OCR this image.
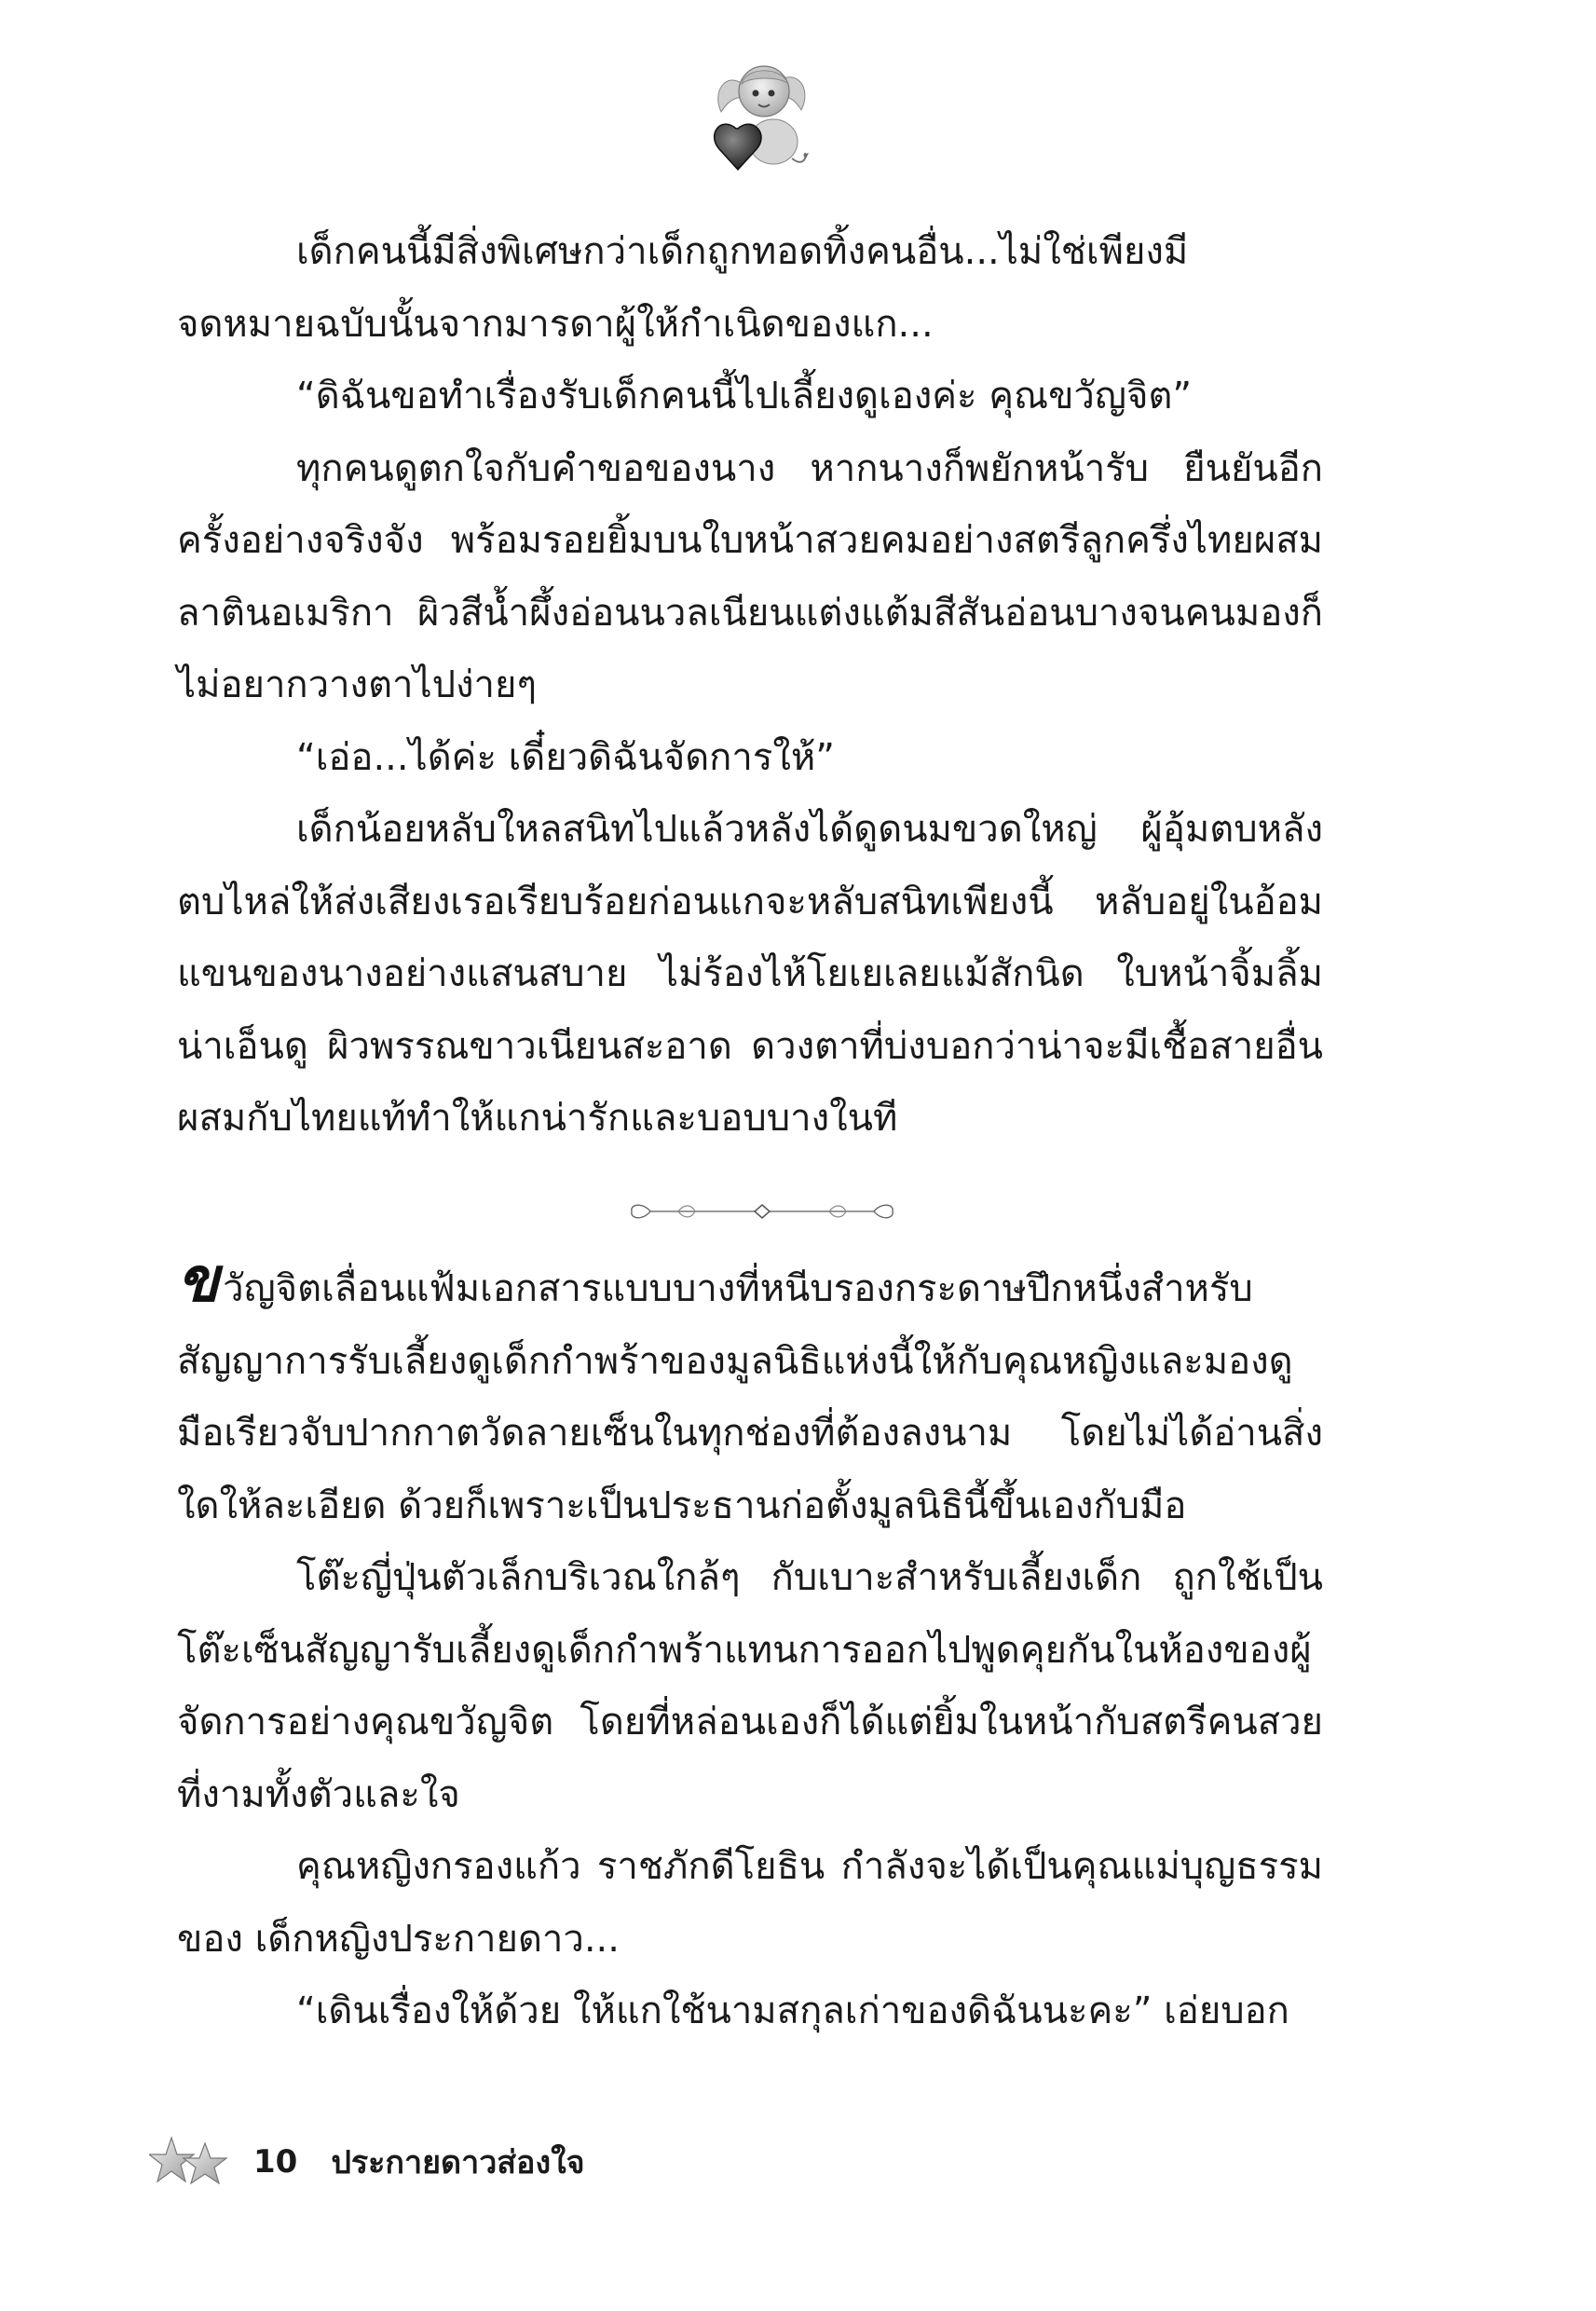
เด็กคนนี้มีสิ่งพิเศษกว่าเด็กถูกทอดทิ้งคนอื่น...ไม่ใช่เพียงมีจดหมายฉบับนั้นจากมารดาผู้ให้กำเนิดของแก...

“ดิฉันขอทำเรื่องรับเด็กคนนี้ไปเลี้ยงดูเองค่ะ คุณขวัญจิต”

ทุกคนดูตกใจกับคำขอของนาง หากนางก็พยักหน้ารับ ยืนยันอีกครั้งอย่างจริงจัง พร้อมรอยยิ้มบนใบหน้าสวยคมอย่างสตรีลูกครึ่งไทยผสมลาตินอเมริกา ผิวสีน้ำผึ้งอ่อนนวลเนียนแต่งแต้มสีสันอ่อนบางจนคนมองก็ไม่อยากวางตาไปง่ายๆ

“เอ่อ...ได้ค่ะ เดี๋ยวดิฉันจัดการให้”

เด็กน้อยหลับใหลสนิทไปแล้วหลังได้ดูดนมขวดใหญ่ ผู้อุ้มตบหลังตบไหล่ให้ส่งเสียงเรอเรียบร้อยก่อนแกจะหลับสนิทเพียงนี้ หลับอยู่ในอ้อมแขนของนางอย่างแสนสบาย ไม่ร้องไห้โยเยเลยแม้สักนิด ใบหน้าจิ้มลิ้มน่าเอ็นดู ผิวพรรณขาวเนียนสะอาด ดวงตาที่บ่งบอกว่าน่าจะมีเชื้อสายอื่นผสมกับไทยแท้ทำให้แกน่ารักและบอบบางในที

ขวัญจิตเลื่อนแฟ้มเอกสารแบบบางที่หนีบรองกระดาษปึกหนึ่งสำหรับสัญญาการรับเลี้ยงดูเด็กกำพร้าของมูลนิธิแห่งนี้ให้กับคุณหญิงและมองดูมือเรียวจับปากกาตวัดลายเซ็นในทุกช่องที่ต้องลงนาม โดยไม่ได้อ่านสิ่งใดให้ละเอียด ด้วยก็เพราะเป็นประธานก่อตั้งมูลนิธินี้ขึ้นเองกับมือ

โต๊ะญี่ปุ่นตัวเล็กบริเวณใกล้ๆ กับเบาะสำหรับเลี้ยงเด็ก ถูกใช้เป็นโต๊ะเซ็นสัญญารับเลี้ยงดูเด็กกำพร้าแทนการออกไปพูดคุยกันในห้องของผู้จัดการอย่างคุณขวัญจิต โดยที่หล่อนเองก็ได้แต่ยิ้มในหน้ากับสตรีคนสวยที่งามทั้งตัวและใจ

คุณหญิงกรองแก้ว ราชภักดีโยธิน กำลังจะได้เป็นคุณแม่บุญธรรมของ เด็กหญิงประกายดาว...

“เดินเรื่องให้ด้วย ให้แกใช้นามสกุลเก่าของดิฉันนะคะ” เอ่ยบอก

10 ประกายดาวส่องใจ
